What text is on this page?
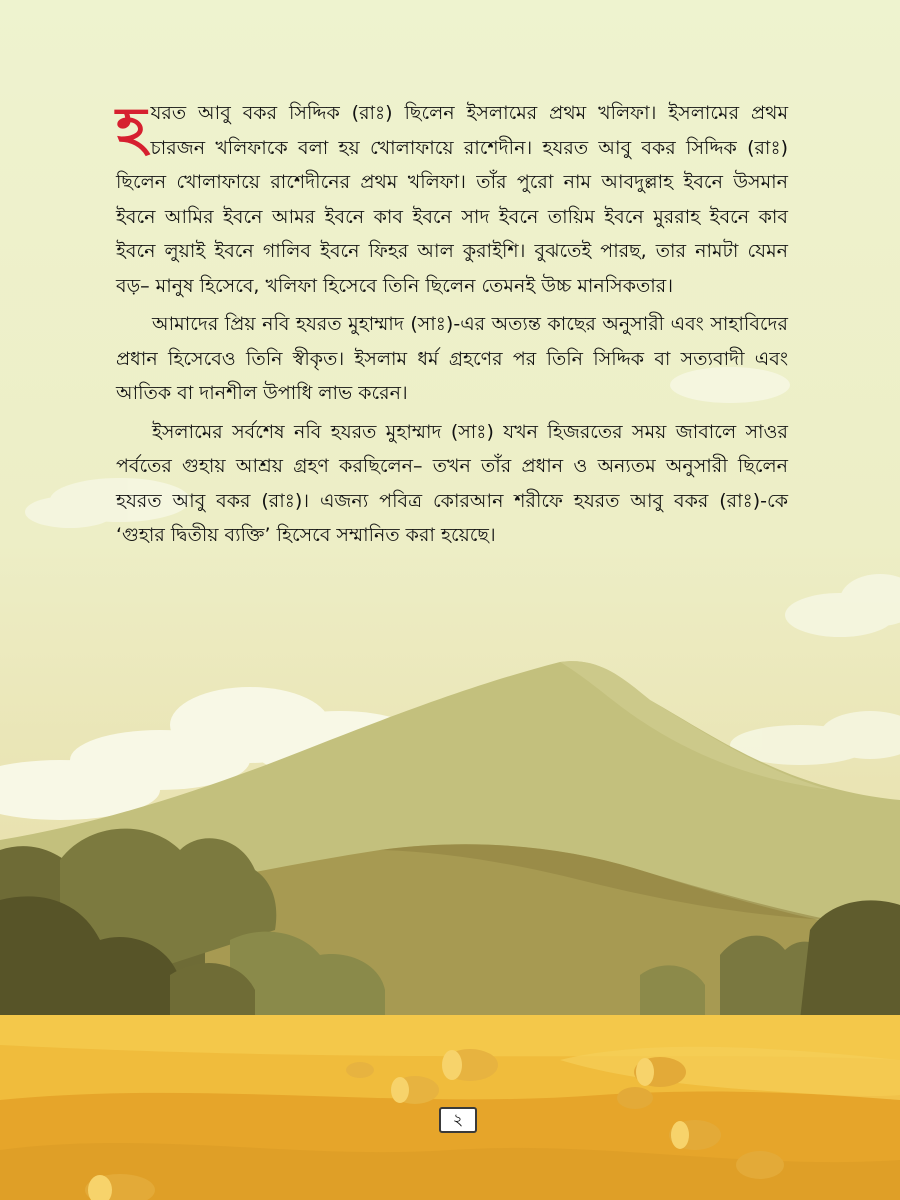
হযরত আবু বকর সিদ্দিক (রাঃ) ছিলেন ইসলামের প্রথম খলিফা। ইসলামের প্রথম চারজন খলিফাকে বলা হয় খোলাফায়ে রাশেদীন। হযরত আবু বকর সিদ্দিক (রাঃ) ছিলেন খোলাফায়ে রাশেদীনের প্রথম খলিফা। তাঁর পুরো নাম আবদুল্লাহ ইবনে উসমান ইবনে আমির ইবনে আমর ইবনে কাব ইবনে সাদ ইবনে তায়িম ইবনে মুররাহ ইবনে কাব ইবনে লুয়াই ইবনে গালিব ইবনে ফিহর আল কুরাইশি। বুঝতেই পারছ, তার নামটা যেমন বড়– মানুষ হিসেবে, খলিফা হিসেবে তিনি ছিলেন তেমনই উচ্চ মানসিকতার।

আমাদের প্রিয় নবি হযরত মুহাম্মাদ (সাঃ)-এর অত্যন্ত কাছের অনুসারী এবং সাহাবিদের প্রধান হিসেবেও তিনি স্বীকৃত। ইসলাম ধর্ম গ্রহণের পর তিনি সিদ্দিক বা সত্যবাদী এবং আতিক বা দানশীল উপাধি লাভ করেন।

ইসলামের সর্বশেষ নবি হযরত মুহাম্মাদ (সাঃ) যখন হিজরতের সময় জাবালে সাওর পর্বতের গুহায় আশ্রয় গ্রহণ করছিলেন– তখন তাঁর প্রধান ও অন্যতম অনুসারী ছিলেন হযরত আবু বকর (রাঃ)। এজন্য পবিত্র কোরআন শরীফে হযরত আবু বকর (রাঃ)-কে ‘গুহার দ্বিতীয় ব্যক্তি’ হিসেবে সম্মানিত করা হয়েছে।

২
